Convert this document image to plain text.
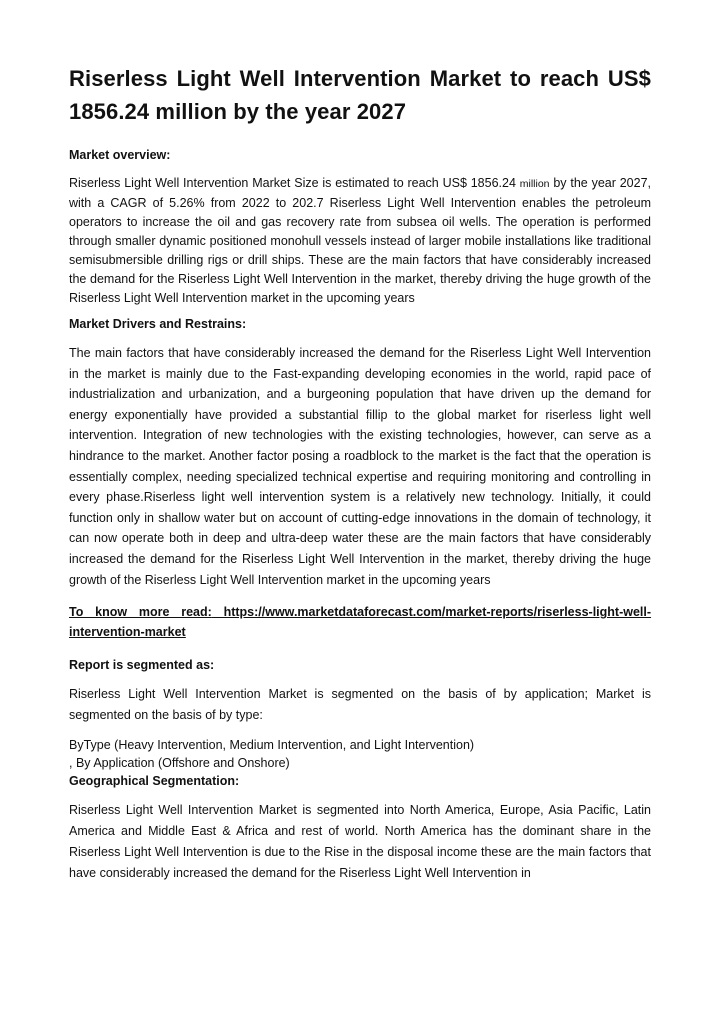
Riserless Light Well Intervention Market to reach US$ 1856.24 million by the year 2027
Market overview:

Riserless Light Well Intervention Market Size is estimated to reach US$ 1856.24 million by the year 2027, with a CAGR of 5.26% from 2022 to 202.7 Riserless Light Well Intervention enables the petroleum operators to increase the oil and gas recovery rate from subsea oil wells. The operation is performed through smaller dynamic positioned monohull vessels instead of larger mobile installations like traditional semisubmersible drilling rigs or drill ships. These are the main factors that have considerably increased the demand for the Riserless Light Well Intervention in the market, thereby driving the huge growth of the Riserless Light Well Intervention market in the upcoming years

Market Drivers and Restrains:

The main factors that have considerably increased the demand for the Riserless Light Well Intervention in the market is mainly due to the Fast-expanding developing economies in the world, rapid pace of industrialization and urbanization, and a burgeoning population that have driven up the demand for energy exponentially have provided a substantial fillip to the global market for riserless light well intervention. Integration of new technologies with the existing technologies, however, can serve as a hindrance to the market. Another factor posing a roadblock to the market is the fact that the operation is essentially complex, needing specialized technical expertise and requiring monitoring and controlling in every phase.Riserless light well intervention system is a relatively new technology. Initially, it could function only in shallow water but on account of cutting-edge innovations in the domain of technology, it can now operate both in deep and ultra-deep water these are the main factors that have considerably increased the demand for the Riserless Light Well Intervention in the market, thereby driving the huge growth of the Riserless Light Well Intervention market in the upcoming years

To know more read: https://www.marketdataforecast.com/market-reports/riserless-light-well-intervention-market

Report is segmented as:

Riserless Light Well Intervention Market is segmented on the basis of by application; Market is segmented on the basis of by type:

ByType (Heavy Intervention, Medium Intervention, and Light Intervention)
, By Application (Offshore and Onshore)
Geographical Segmentation:

Riserless Light Well Intervention Market is segmented into North America, Europe, Asia Pacific, Latin America and Middle East & Africa and rest of world. North America has the dominant share in the Riserless Light Well Intervention is due to the Rise in the disposal income these are the main factors that have considerably increased the demand for the Riserless Light Well Intervention in
